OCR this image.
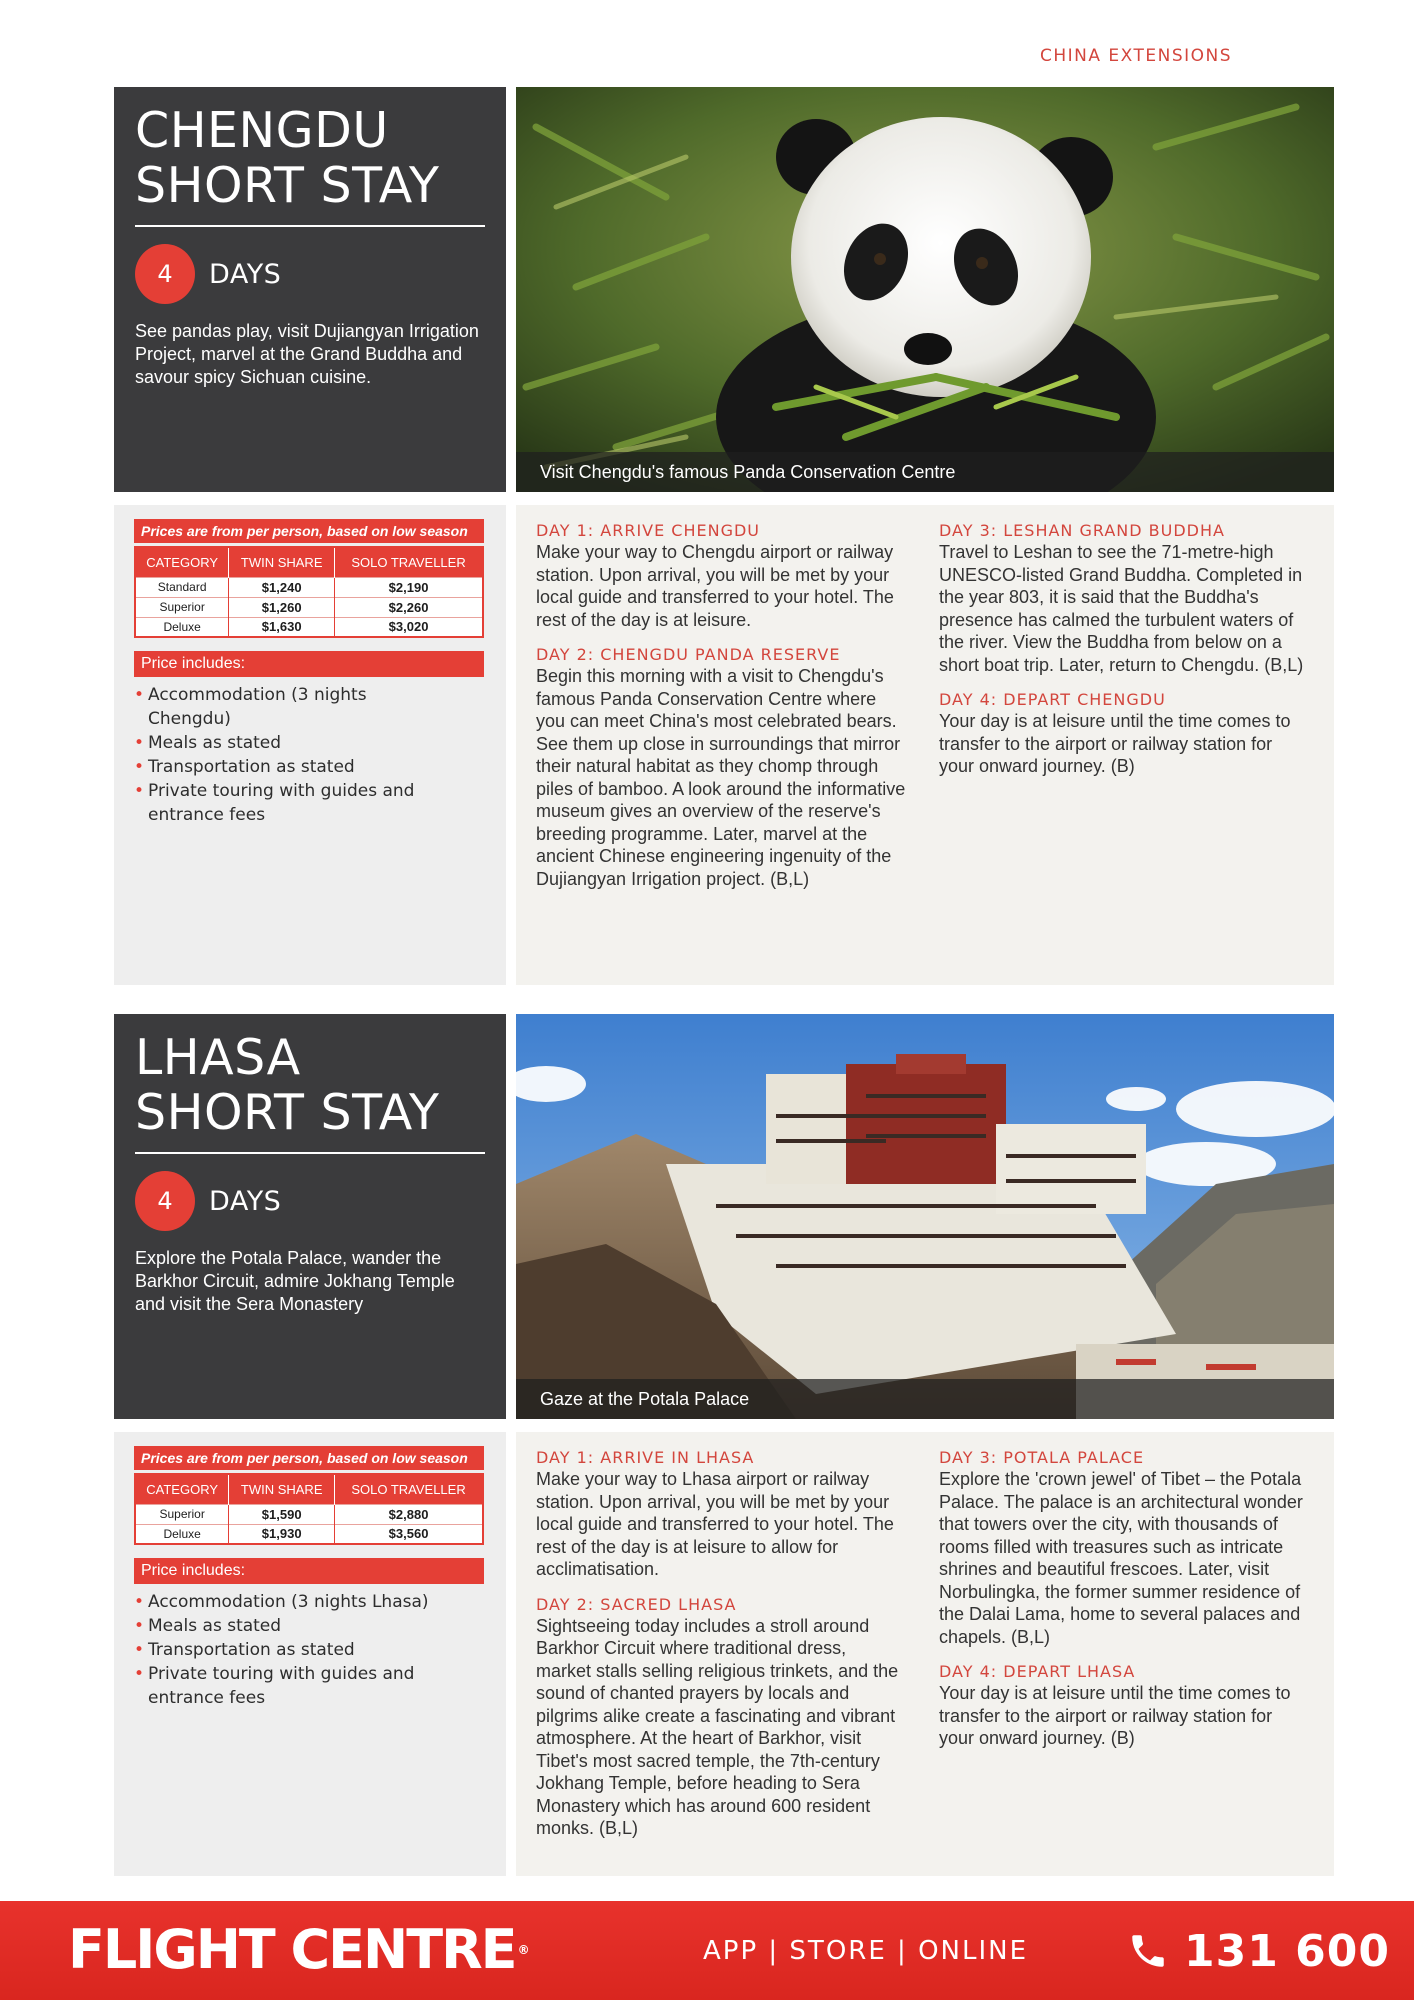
CHINA EXTENSIONS
CHENGDU
SHORT STAY
4	DAYS

See pandas play, visit Dujiangyan Irrigation Project, marvel at the Grand Buddha and savour spicy Sichuan cuisine.

Visit Chengdu's famous Panda Conservation Centre
Prices are from per person, based on low season
CATEGORY	TWIN SHARE	SOLO TRAVELLER
Standard	$1,240	$2,190
Superior	$1,260	$2,260
Deluxe	$1,630	$3,020
Price includes:
• Accommodation (3 nights Chengdu)
• Meals as stated
• Transportation as stated
• Private touring with guides and entrance fees
DAY 1: ARRIVE CHENGDU

Make your way to Chengdu airport or railway station. Upon arrival, you will be met by your local guide and transferred to your hotel. The rest of the day is at leisure.

DAY 2: CHENGDU PANDA RESERVE

Begin this morning with a visit to Chengdu's famous Panda Conservation Centre where you can meet China's most celebrated bears. See them up close in surroundings that mirror their natural habitat as they chomp through piles of bamboo. A look around the informative museum gives an overview of the reserve's breeding programme. Later, marvel at the ancient Chinese engineering ingenuity of the Dujiangyan Irrigation project. (B,L)

DAY 3: LESHAN GRAND BUDDHA

Travel to Leshan to see the 71-metre-high UNESCO-listed Grand Buddha. Completed in the year 803, it is said that the Buddha's presence has calmed the turbulent waters of the river. View the Buddha from below on a short boat trip. Later, return to Chengdu. (B,L)

DAY 4: DEPART CHENGDU

Your day is at leisure until the time comes to transfer to the airport or railway station for your onward journey. (B)

LHASA
SHORT STAY
4	DAYS

Explore the Potala Palace, wander the Barkhor Circuit, admire Jokhang Temple and visit the Sera Monastery

Gaze at the Potala Palace
Prices are from per person, based on low season
CATEGORY	TWIN SHARE	SOLO TRAVELLER
Superior	$1,590	$2,880
Deluxe	$1,930	$3,560
Price includes:
• Accommodation (3 nights Lhasa)
• Meals as stated
• Transportation as stated
• Private touring with guides and entrance fees
DAY 1: ARRIVE IN LHASA

Make your way to Lhasa airport or railway station. Upon arrival, you will be met by your local guide and transferred to your hotel. The rest of the day is at leisure to allow for acclimatisation.

DAY 2: SACRED LHASA

Sightseeing today includes a stroll around Barkhor Circuit where traditional dress, market stalls selling religious trinkets, and the sound of chanted prayers by locals and pilgrims alike create a fascinating and vibrant atmosphere. At the heart of Barkhor, visit Tibet's most sacred temple, the 7th-century Jokhang Temple, before heading to Sera Monastery which has around 600 resident monks. (B,L)

DAY 3: POTALA PALACE

Explore the 'crown jewel' of Tibet – the Potala Palace. The palace is an architectural wonder that towers over the city, with thousands of rooms filled with treasures such as intricate shrines and beautiful frescoes. Later, visit Norbulingka, the former summer residence of the Dalai Lama, home to several palaces and chapels. (B,L)

DAY 4: DEPART LHASA

Your day is at leisure until the time comes to transfer to the airport or railway station for your onward journey. (B)

FLIGHT CENTRE ®	APP | STORE | ONLINE	131 600
